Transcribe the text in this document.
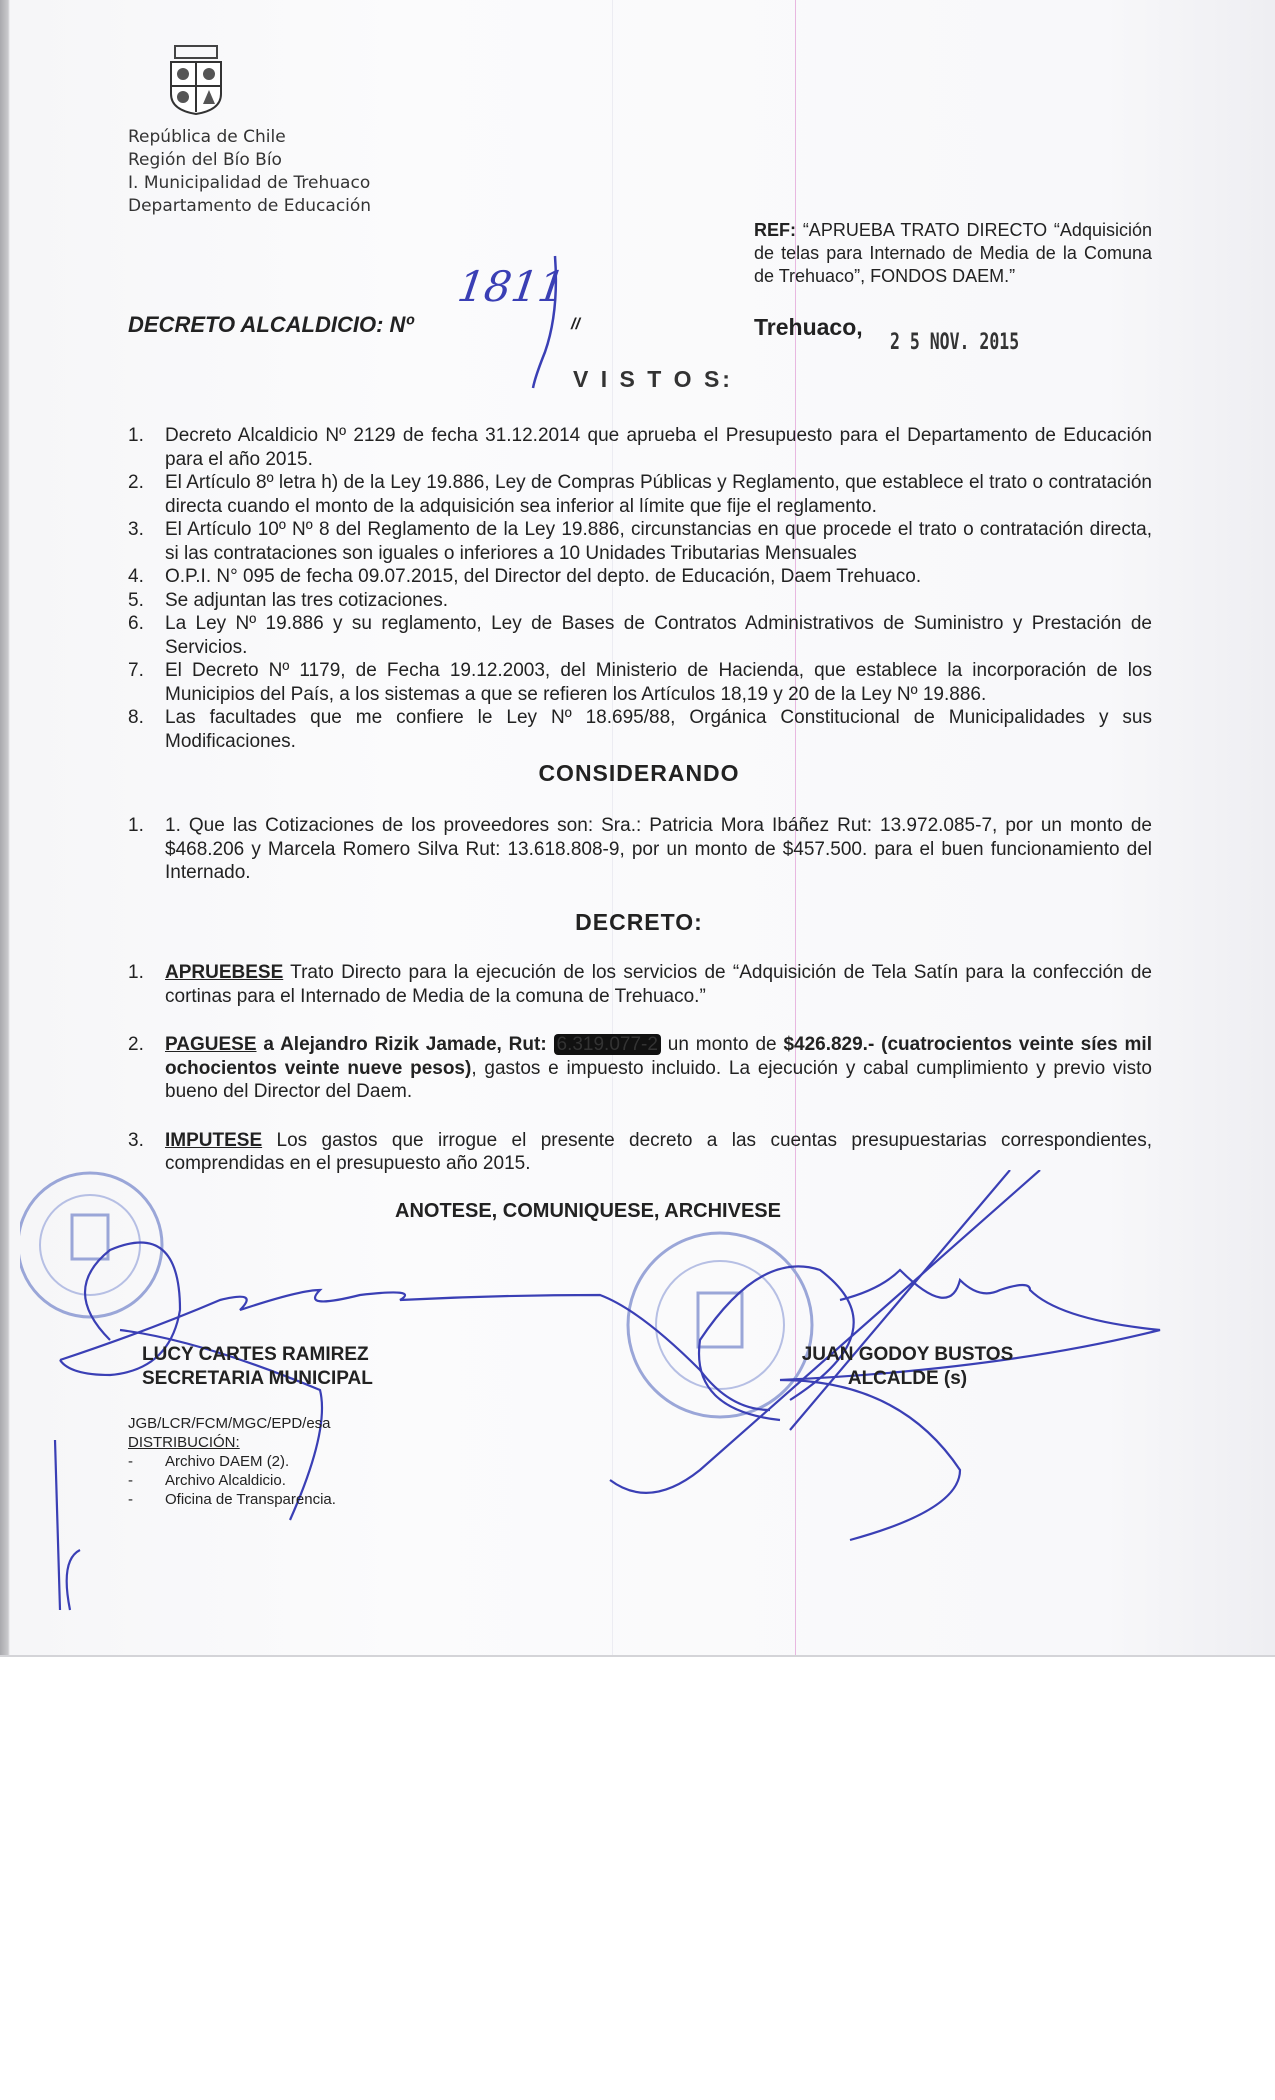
República de Chile
Región del Bío Bío
I. Municipalidad de Trehuaco
Departamento de Educación
REF: “APRUEBA TRATO DIRECTO “Adquisición de telas para Internado de Media de la Comuna de Trehuaco”, FONDOS DAEM.”
DECRETO ALCALDICIO: Nº
1811
//	Trehuaco,
2 5 NOV. 2015
V I S T O S:
1. Decreto Alcaldicio Nº 2129 de fecha 31.12.2014 que aprueba el Presupuesto para el Departamento de Educación para el año 2015.
2. El Artículo 8º letra h) de la Ley 19.886, Ley de Compras Públicas y Reglamento, que establece el trato o contratación directa cuando el monto de la adquisición sea inferior al límite que fije el reglamento.
3. El Artículo 10º Nº 8 del Reglamento de la Ley 19.886, circunstancias en que procede el trato o contratación directa, si las contrataciones son iguales o inferiores a 10 Unidades Tributarias Mensuales
4. O.P.I. N° 095 de fecha 09.07.2015, del Director del depto. de Educación, Daem Trehuaco.
5. Se adjuntan las tres cotizaciones.
6. La Ley Nº 19.886 y su reglamento, Ley de Bases de Contratos Administrativos de Suministro y Prestación de Servicios.
7. El Decreto Nº 1179, de Fecha 19.12.2003, del Ministerio de Hacienda, que establece la incorporación de los Municipios del País, a los sistemas a que se refieren los Artículos 18,19 y 20 de la Ley Nº 19.886.
8. Las facultades que me confiere le Ley Nº 18.695/88, Orgánica Constitucional de Municipalidades y sus Modificaciones.
CONSIDERANDO
1. 1. Que las Cotizaciones de los proveedores son: Sra.: Patricia Mora Ibáñez Rut: 13.972.085-7, por un monto de $468.206 y Marcela Romero Silva Rut: 13.618.808-9, por un monto de $457.500. para el buen funcionamiento del Internado.
DECRETO:
1. APRUEBESE Trato Directo para la ejecución de los servicios de “Adquisición de Tela Satín para la confección de cortinas para el Internado de Media de la comuna de Trehuaco.”
2. PAGUESE a Alejandro Rizik Jamade, Rut: 6.319.077-2 un monto de $426.829.- (cuatrocientos veinte síes mil ochocientos veinte nueve pesos), gastos e impuesto incluido. La ejecución y cabal cumplimiento y previo visto bueno del Director del Daem.
3. IMPUTESE Los gastos que irrogue el presente decreto a las cuentas presupuestarias correspondientes, comprendidas en el presupuesto año 2015.
ANOTESE, COMUNIQUESE, ARCHIVESE
LUCY CARTES RAMIREZ
SECRETARIA MUNICIPAL
JUAN GODOY BUSTOS
ALCALDE (s)
JGB/LCR/FCM/MGC/EPD/esa
DISTRIBUCIÓN:
- Archivo DAEM (2).
- Archivo Alcaldicio.
- Oficina de Transparencia.
